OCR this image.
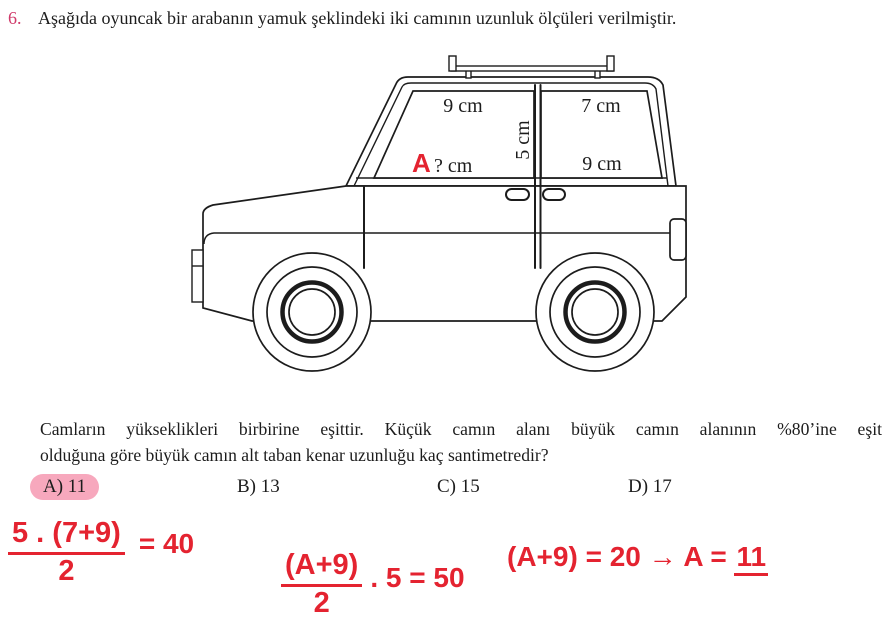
6. Aşağıda oyuncak bir arabanın yamuk şeklindeki iki camının uzunluk ölçüleri verilmiştir.
9 cm
A ? cm
5 cm
7 cm
9 cm
Camların yükseklikleri birbirine eşittir. Küçük camın alanı büyük camın alanının %80’ine eşit
olduğuna göre büyük camın alt taban kenar uzunluğu kaç santimetredir?
A) 11	B) 13	C) 15	D) 17
$\frac{5 . (7+9)}{2} = 40$
$\frac{(A+9)}{2}$ . 5 = 50
(A+9) = 20 → A =
11
